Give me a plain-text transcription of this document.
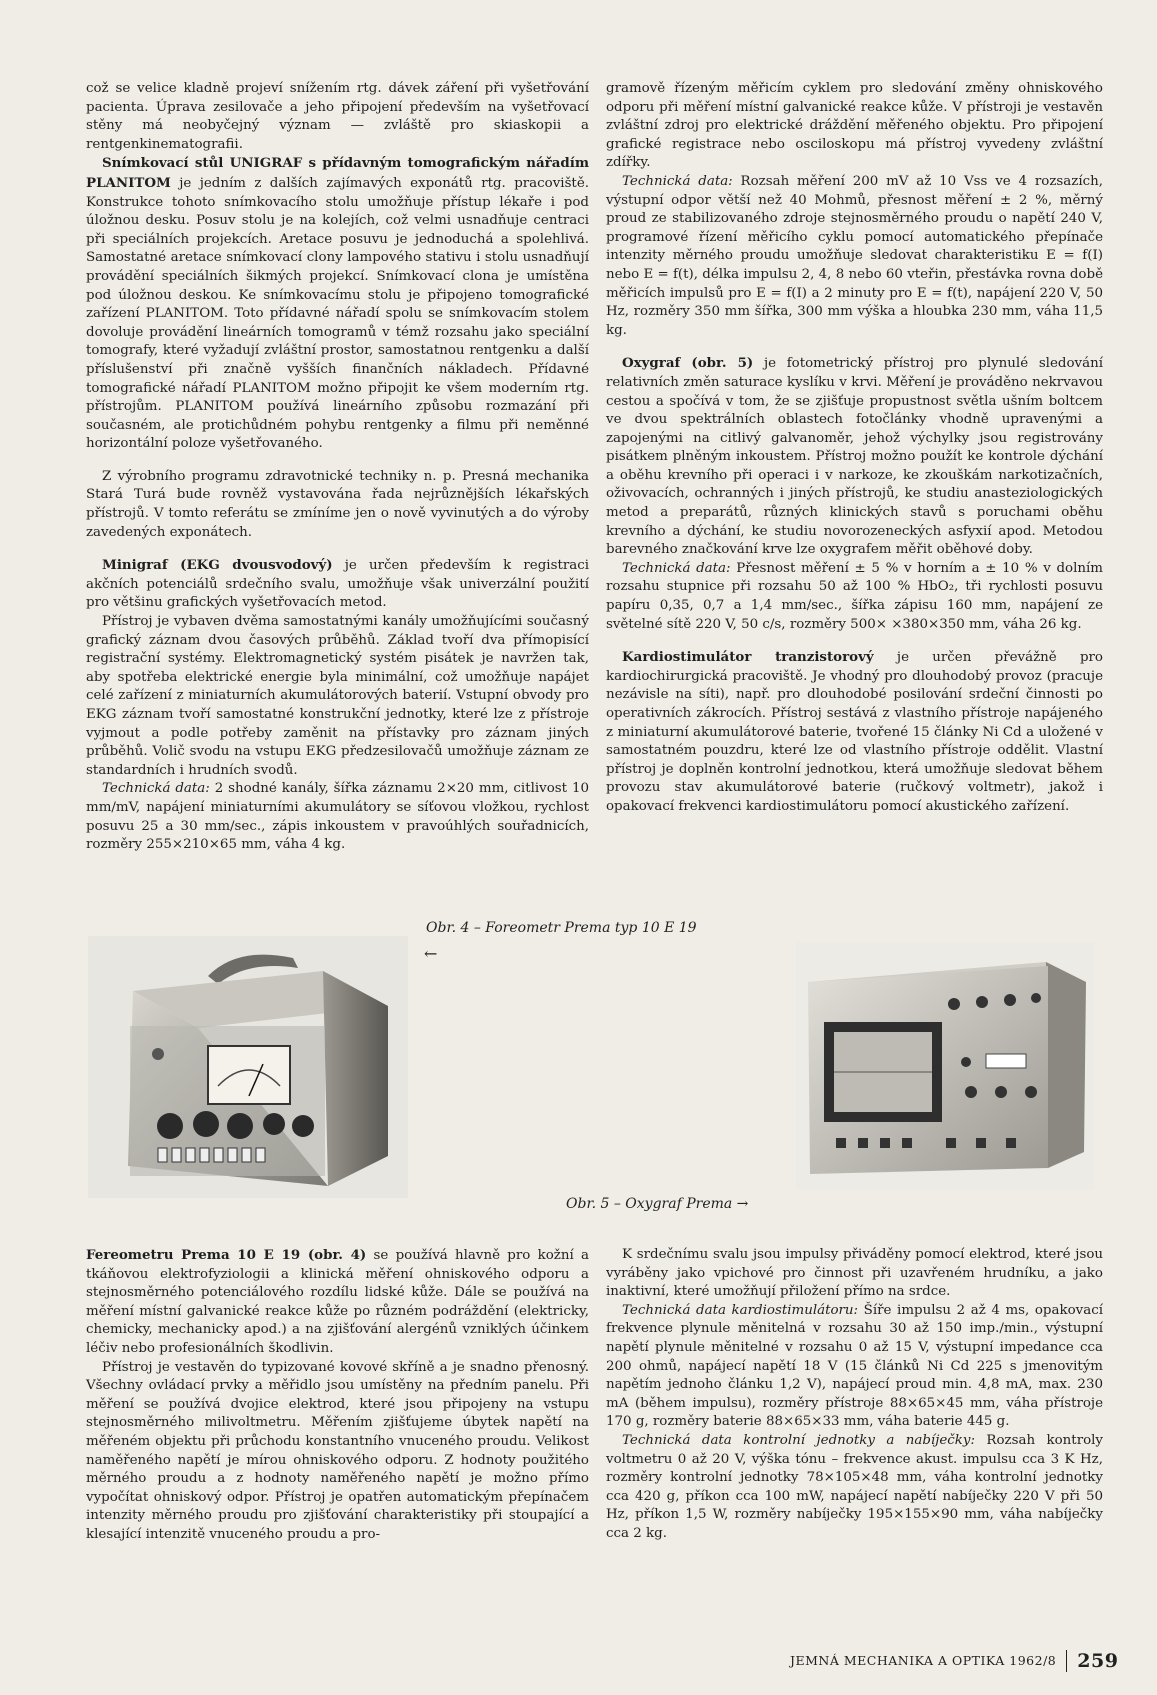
což se velice kladně projeví snížením rtg. dávek záření při vyšetřování pacienta. Úprava zesilovače a jeho připojení především na vyšetřovací stěny má neobyčejný význam — zvláště pro skiaskopii a rentgenkinematografii.

Snímkovací stůl UNIGRAF s přídavným tomografickým nářadím PLANITOM je jedním z dalších zajímavých exponátů rtg. pracoviště. Konstrukce tohoto snímkovacího stolu umožňuje přístup lékaře i pod úložnou desku. Posuv stolu je na kolejích, což velmi usnadňuje centraci při speciálních projekcích. Aretace posuvu je jednoduchá a spolehlivá. Samostatné aretace snímkovací clony lampového stativu i stolu usnadňují provádění speciálních šikmých projekcí. Snímkovací clona je umístěna pod úložnou deskou. Ke snímkovacímu stolu je připojeno tomografické zařízení PLANITOM. Toto přídavné nářadí spolu se snímkovacím stolem dovoluje provádění lineárních tomogramů v témž rozsahu jako speciální tomografy, které vyžadují zvláštní prostor, samostatnou rentgenku a další příslušenství při značně vyšších finančních nákladech. Přídavné tomografické nářadí PLANITOM možno připojit ke všem moderním rtg. přístrojům. PLANITOM používá lineárního způsobu rozmazání při současném, ale protichůdném pohybu rentgenky a filmu při neměnné horizontální poloze vyšetřovaného.

Z výrobního programu zdravotnické techniky n. p. Presná mechanika Stará Turá bude rovněž vystavována řada nejrůznějších lékařských přístrojů. V tomto referátu se zmíníme jen o nově vyvinutých a do výroby zavedených exponátech.

Minigraf (EKG dvousvodový) je určen především k registraci akčních potenciálů srdečního svalu, umožňuje však univerzální použití pro většinu grafických vyšetřovacích metod.

Přístroj je vybaven dvěma samostatnými kanály umožňujícími současný grafický záznam dvou časových průběhů. Základ tvoří dva přímopisící registrační systémy. Elektromagnetický systém pisátek je navržen tak, aby spotřeba elektrické energie byla minimální, což umožňuje napájet celé zařízení z miniaturních akumulátorových baterií. Vstupní obvody pro EKG záznam tvoří samostatné konstrukční jednotky, které lze z přístroje vyjmout a podle potřeby zaměnit na přístavky pro záznam jiných průběhů. Volič svodu na vstupu EKG předzesilovačů umožňuje záznam ze standardních i hrudních svodů.

Technická data: 2 shodné kanály, šířka záznamu 2×20 mm, citlivost 10 mm/mV, napájení miniaturními akumulátory se síťovou vložkou, rychlost posuvu 25 a 30 mm/sec., zápis inkoustem v pravoúhlých souřadnicích, rozměry 255×210×65 mm, váha 4 kg.

gramově řízeným měřicím cyklem pro sledování změny ohniskového odporu při měření místní galvanické reakce kůže. V přístroji je vestavěn zvláštní zdroj pro elektrické dráždění měřeného objektu. Pro připojení grafické registrace nebo osciloskopu má přístroj vyvedeny zvláštní zdířky.

Technická data: Rozsah měření 200 mV až 10 Vss ve 4 rozsazích, výstupní odpor větší než 40 Mohmů, přesnost měření ± 2 %, měrný proud ze stabilizovaného zdroje stejnosměrného proudu o napětí 240 V, programové řízení měřicího cyklu pomocí automatického přepínače intenzity měrného proudu umožňuje sledovat charakteristiku E = f(I) nebo E = f(t), délka impulsu 2, 4, 8 nebo 60 vteřin, přestávka rovna době měřicích impulsů pro E = f(I) a 2 minuty pro E = f(t), napájení 220 V, 50 Hz, rozměry 350 mm šířka, 300 mm výška a hloubka 230 mm, váha 11,5 kg.

Oxygraf (obr. 5) je fotometrický přístroj pro plynulé sledování relativních změn saturace kyslíku v krvi. Měření je prováděno nekrvavou cestou a spočívá v tom, že se zjišťuje propustnost světla ušním boltcem ve dvou spektrálních oblastech fotočlánky vhodně upravenými a zapojenými na citlivý galvanoměr, jehož výchylky jsou registrovány pisátkem plněným inkoustem. Přístroj možno použít ke kontrole dýchání a oběhu krevního při operaci i v narkoze, ke zkouškám narkotizačních, oživovacích, ochranných i jiných přístrojů, ke studiu anasteziologických metod a preparátů, různých klinických stavů s poruchami oběhu krevního a dýchání, ke studiu novorozeneckých asfyxií apod. Metodou barevného značkování krve lze oxygrafem měřit oběhové doby.

Technická data: Přesnost měření ± 5 % v horním a ± 10 % v dolním rozsahu stupnice při rozsahu 50 až 100 % HbO₂, tři rychlosti posuvu papíru 0,35, 0,7 a 1,4 mm/sec., šířka zápisu 160 mm, napájení ze světelné sítě 220 V, 50 c/s, rozměry 500× ×380×350 mm, váha 26 kg.

Kardiostimulátor tranzistorový je určen převážně pro kardiochirurgická pracoviště. Je vhodný pro dlouhodobý provoz (pracuje nezávisle na síti), např. pro dlouhodobé posilování srdeční činnosti po operativních zákrocích. Přístroj sestává z vlastního přístroje napájeného z miniaturní akumulátorové baterie, tvořené 15 články Ni Cd a uložené v samostatném pouzdru, které lze od vlastního přístroje oddělit. Vlastní přístroj je doplněn kontrolní jednotkou, která umožňuje sledovat během provozu stav akumulátorové baterie (ručkový voltmetr), jakož i opakovací frekvenci kardiostimulátoru pomocí akustického zařízení.

Obr. 4 – Foreometr Prema typ 10 E 19
←
Obr. 5 – Oxygraf Prema →

Fereometru Prema 10 E 19 (obr. 4) se používá hlavně pro kožní a tkáňovou elektrofyziologii a klinická měření ohniskového odporu a stejnosměrného potenciálového rozdílu lidské kůže. Dále se používá na měření místní galvanické reakce kůže po různém podráždění (elektricky, chemicky, mechanicky apod.) a na zjišťování alergénů vzniklých účinkem léčiv nebo profesionálních škodlivin.

Přístroj je vestavěn do typizované kovové skříně a je snadno přenosný. Všechny ovládací prvky a měřidlo jsou umístěny na předním panelu. Při měření se používá dvojice elektrod, které jsou připojeny na vstupu stejnosměrného milivoltmetru. Měřením zjišťujeme úbytek napětí na měřeném objektu při průchodu konstantního vnuceného proudu. Velikost naměřeného napětí je mírou ohniskového odporu. Z hodnoty použitého měrného proudu a z hodnoty naměřeného napětí je možno přímo vypočítat ohniskový odpor. Přístroj je opatřen automatickým přepínačem intenzity měrného proudu pro zjišťování charakteristiky při stoupající a klesající intenzitě vnuceného proudu a pro-

K srdečnímu svalu jsou impulsy přiváděny pomocí elektrod, které jsou vyráběny jako vpichové pro činnost při uzavřeném hrudníku, a jako inaktivní, které umožňují přiložení přímo na srdce.

Technická data kardiostimulátoru: Šíře impulsu 2 až 4 ms, opakovací frekvence plynule měnitelná v rozsahu 30 až 150 imp./min., výstupní napětí plynule měnitelné v rozsahu 0 až 15 V, výstupní impedance cca 200 ohmů, napájecí napětí 18 V (15 článků Ni Cd 225 s jmenovitým napětím jednoho článku 1,2 V), napájecí proud min. 4,8 mA, max. 230 mA (během impulsu), rozměry přístroje 88×65×45 mm, váha přístroje 170 g, rozměry baterie 88×65×33 mm, váha baterie 445 g.

Technická data kontrolní jednotky a nabíječky: Rozsah kontroly voltmetru 0 až 20 V, výška tónu – frekvence akust. impulsu cca 3 K Hz, rozměry kontrolní jednotky 78×105×48 mm, váha kontrolní jednotky cca 420 g, příkon cca 100 mW, napájecí napětí nabíječky 220 V při 50 Hz, příkon 1,5 W, rozměry nabíječky 195×155×90 mm, váha nabíječky cca 2 kg.

JEMNÁ MECHANIKA A OPTIKA 1962/8 259
